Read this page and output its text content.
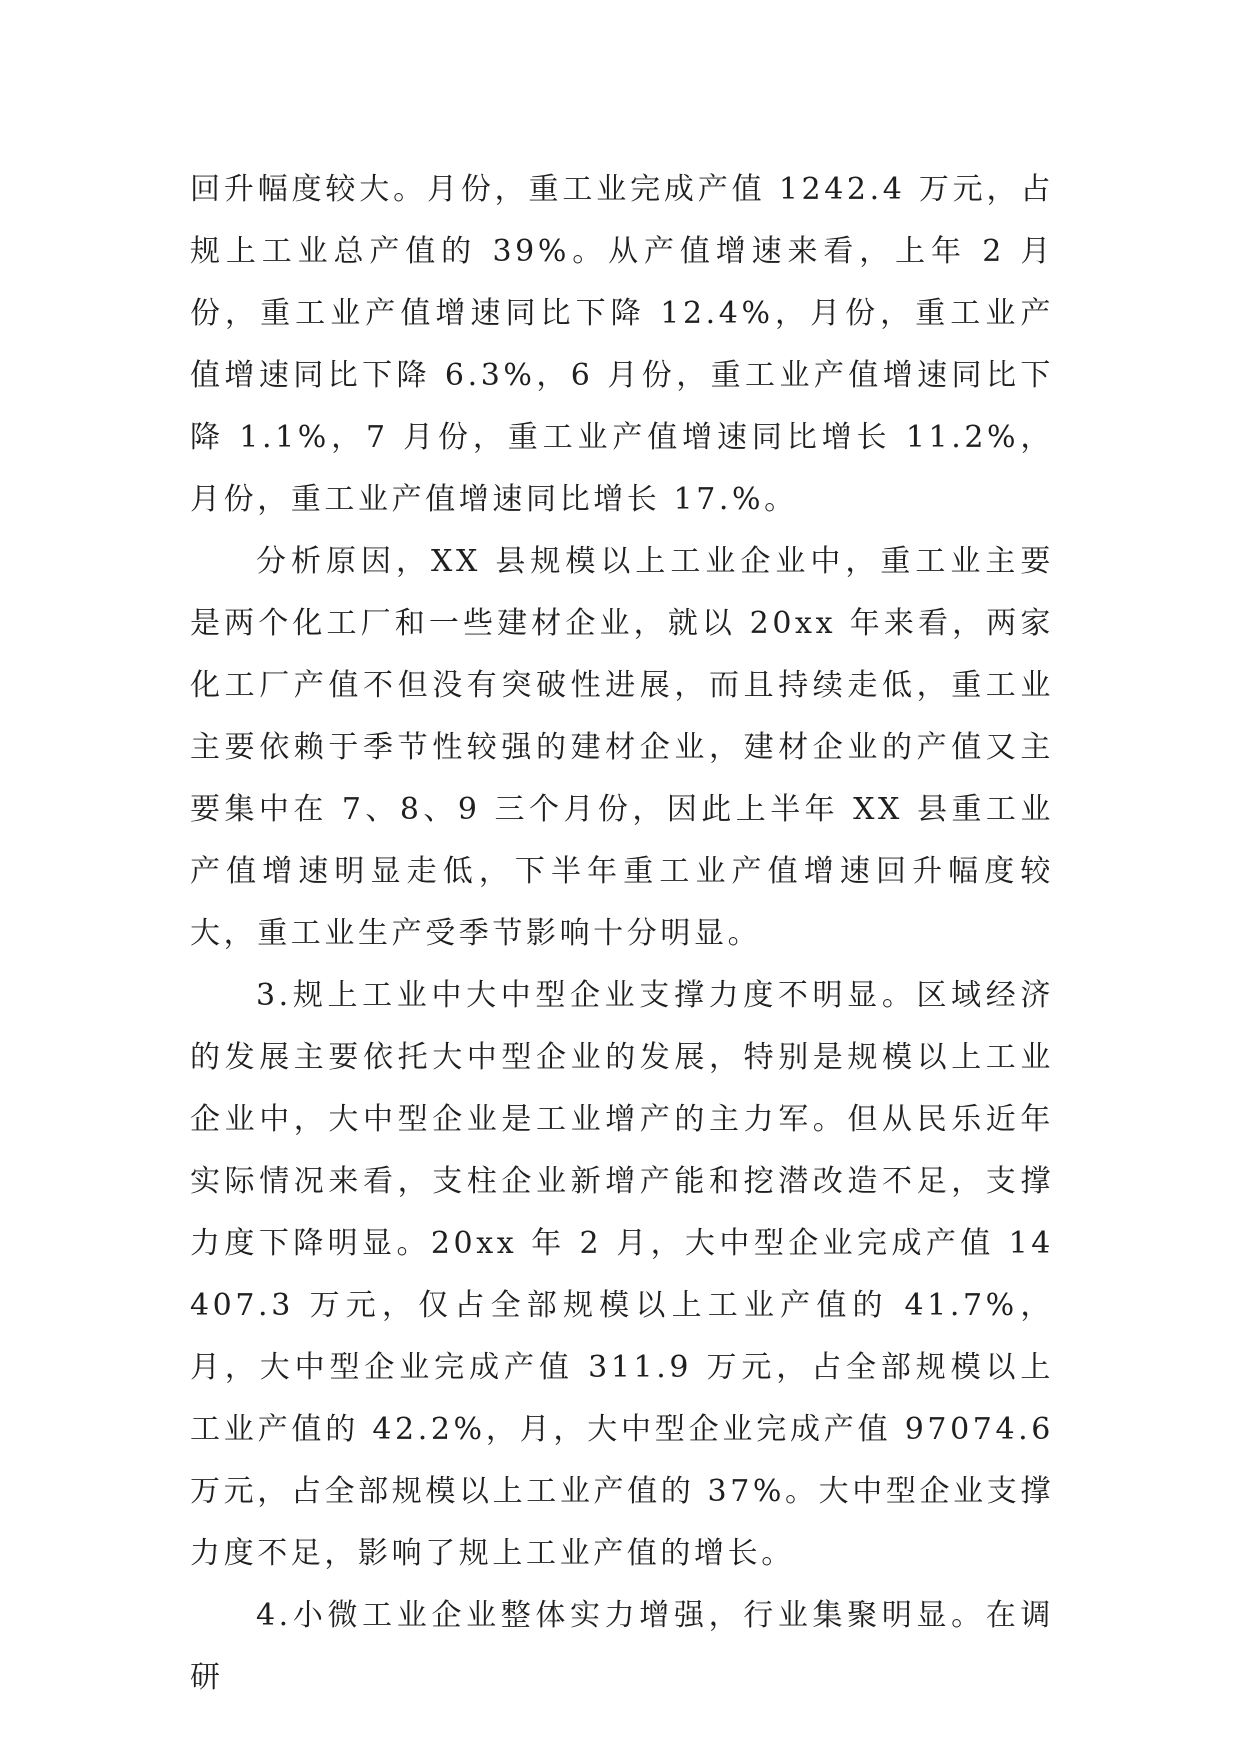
回升幅度较大。月份，重工业完成产值 1242.4 万元，占规上工业总产值的 39%。从产值增速来看，上年 2 月份，重工业产值增速同比下降 12.4%，月份，重工业产值增速同比下降 6.3%，6 月份，重工业产值增速同比下降 1.1%，7 月份，重工业产值增速同比增长 11.2%，月份，重工业产值增速同比增长 17.%。

分析原因，XX 县规模以上工业企业中，重工业主要是两个化工厂和一些建材企业，就以 20xx 年来看，两家化工厂产值不但没有突破性进展，而且持续走低，重工业主要依赖于季节性较强的建材企业，建材企业的产值又主要集中在 7、8、9 三个月份，因此上半年 XX 县重工业产值增速明显走低，下半年重工业产值增速回升幅度较大，重工业生产受季节影响十分明显。

3.规上工业中大中型企业支撑力度不明显。区域经济的发展主要依托大中型企业的发展，特别是规模以上工业企业中，大中型企业是工业增产的主力军。但从民乐近年实际情况来看，支柱企业新增产能和挖潜改造不足，支撑力度下降明显。20xx 年 2 月，大中型企业完成产值 14407.3 万元，仅占全部规模以上工业产值的 41.7%，月，大中型企业完成产值 311.9 万元，占全部规模以上工业产值的 42.2%，月，大中型企业完成产值 97074.6 万元，占全部规模以上工业产值的 37%。大中型企业支撑力度不足，影响了规上工业产值的增长。

4.小微工业企业整体实力增强，行业集聚明显。在调研
